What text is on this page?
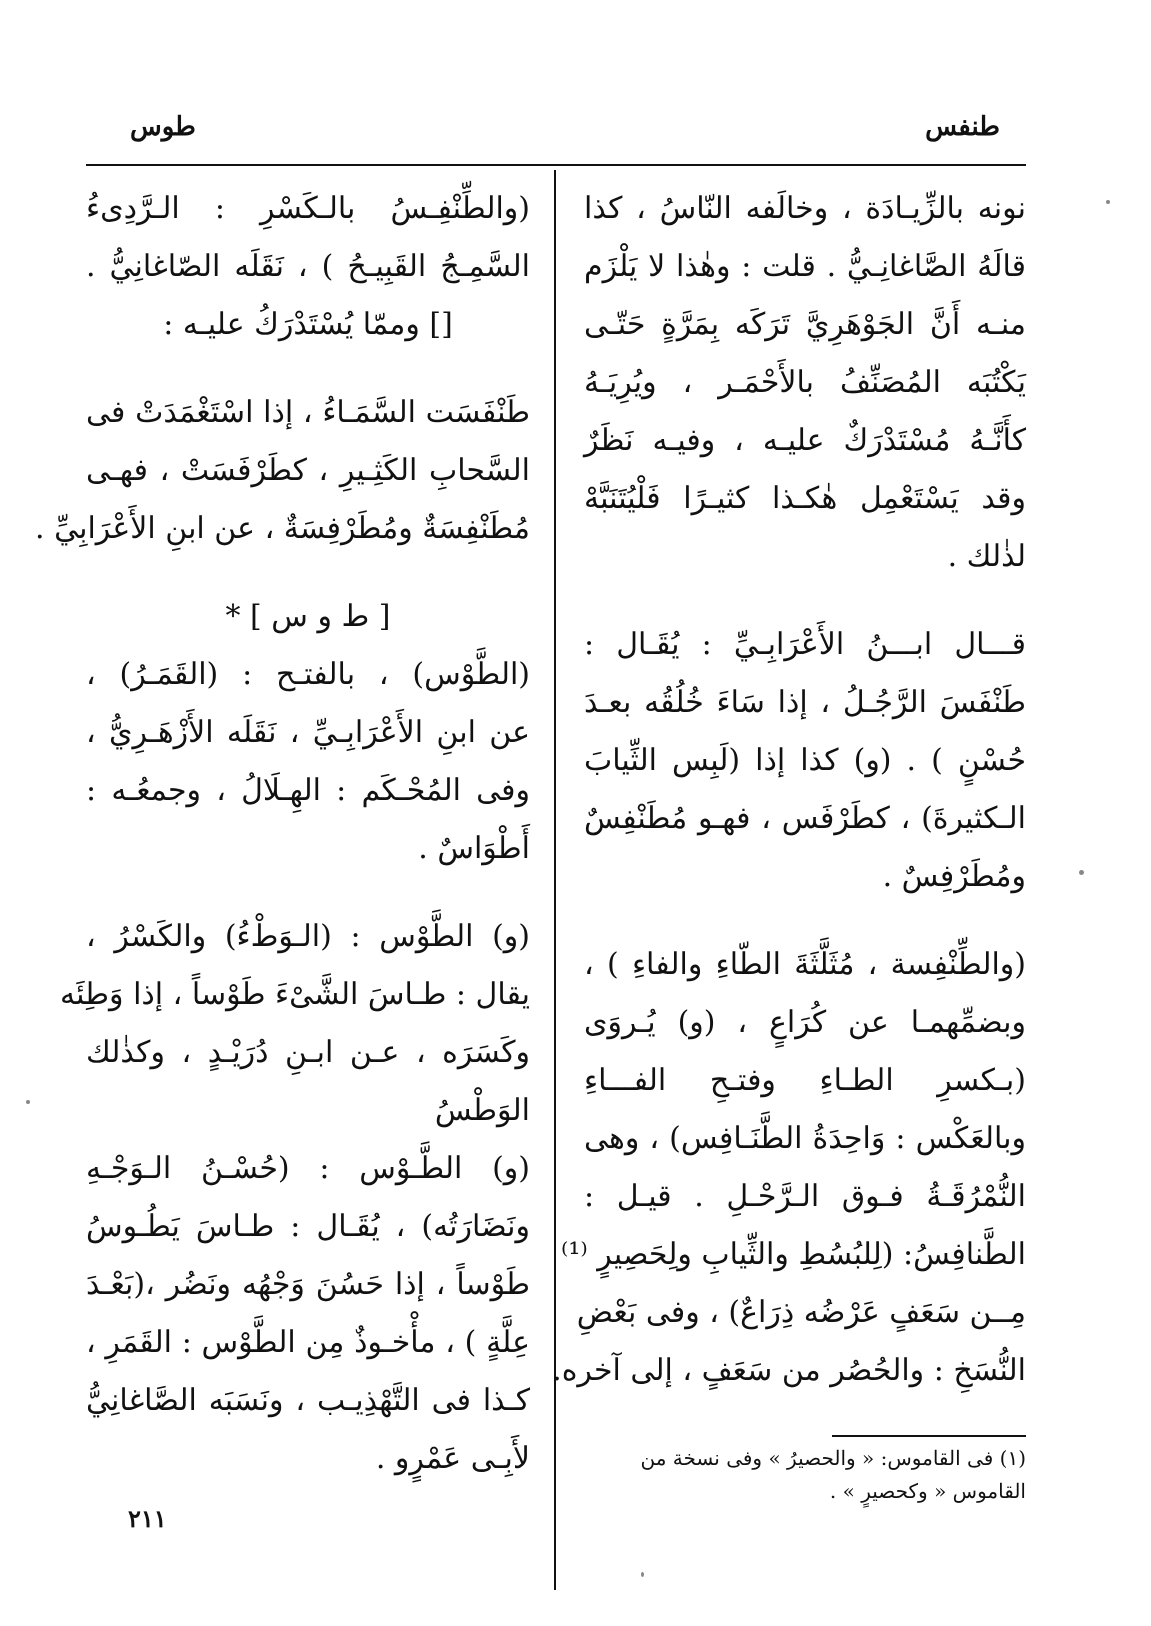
طنفس
طوس
نونه بالزِّيـادَة ، وخالَفه النّاسُ ، كذا
قالَهُ الصَّاغانِـيُّ . قلت : وهٰذا لا يَلْزَم
منـه أَنَّ الجَوْهَرِيَّ تَرَكَه بِمَرَّةٍ حَتّـى
يَكْتُبَه المُصَنِّفُ بالأَحْمَـر ، ويُرِيَـهُ
كأَنَّـهُ مُسْتَدْرَكٌ عليـه ، وفيـه نَظَرٌ
وقد يَسْتَعْمِل هٰكـذا كثيـرًا فَلْيُتَنَبَّهْ
لذٰلك .
قـــال ابـــنُ الأَعْرَابِـيِّ : يُقَـال :
طَنْفَسَ الرَّجُـلُ ، إذا سَاءَ خُلُقُه بعـدَ
حُسْنٍ ) . (و) كذا إذا (لَبِس الثِّيابَ
الـكثيرةَ) ، كطَرْفَس ، فهـو مُطَنْفِسٌ
ومُطَرْفِسٌ .
(والطِّنْفِسة ، مُثَلَّثَةَ الطّاءِ والفاءِ ) ،
وبضمِّهمـا عن كُرَاعٍ ، (و) يُـروَى
(بـكسرِ الطـاءِ وفتـحِ الفـــاءِ
وبالعَكْس : وَاحِدَةُ الطَّنَـافِس) ، وهى
النُّمْرُقَـةُ فـوق الـرَّحْـلِ . قيـل :
الطَّنافِسُ: (لِلبُسُطِ والثِّيابِ ولِحَصِيرٍ ⁽¹⁾
مِــن سَعَفٍ عَرْضُه ذِرَاعٌ) ، وفى بَعْضِ
النُّسَخِ : والحُصُر من سَعَفٍ ، إلى آخره.
(والطِّنْفِـسُ بالـكَسْرِ : الـرَّدِىءُ
السَّمِـجُ القَبِيـحُ ) ، نَقَلَه الصّاغانِيُّ .
[] وممّا يُسْتَدْرَكُ عليـه :
طَنْفَسَت السَّمَـاءُ ، إذا اسْتَغْمَدَتْ فى
السَّحابِ الكَثِـيرِ ، كطَرْفَسَتْ ، فهـى
مُطَنْفِسَةٌ ومُطَرْفِسَةٌ ، عن ابنِ الأَعْرَابِيِّ .
[ ط و س ] *
(الطَّوْس) ، بالفتـح : (القَمَـرُ) ،
عن ابنِ الأَعْرَابِـيِّ ، نَقَلَه الأَزْهَـرِيُّ ،
وفى المُحْـكَم : الهِـلَالُ ، وجمعُـه :
أَطْوَاسٌ .
(و) الطَّوْس : (الـوَطْءُ) والكَسْرُ ،
يقال : طـاسَ الشَّىْءَ طَوْساً ، إذا وَطِئَه
وكَسَرَه ، عـن ابـنِ دُرَيْـدٍ ، وكذٰلك
الوَطْسُ
(و) الطَّـوْس : (حُسْـنُ الـوَجْـهِ
ونَضَارَتُه) ، يُقَـال : طـاسَ يَطُـوسُ
طَوْساً ، إذا حَسُنَ وَجْهُه ونَضُر ،(بَعْـدَ
عِلَّةٍ ) ، مأْخـوذٌ مِن الطَّوْس : القَمَرِ ،
كـذا فى التَّهْذِيـب ، ونَسَبَه الصَّاغانِيُّ
لأَبِـى عَمْرٍو .	(١) فى القاموس: « والحصيرُ » وفى نسخة من
القاموس « وكحصيرٍ » .
٢١١
